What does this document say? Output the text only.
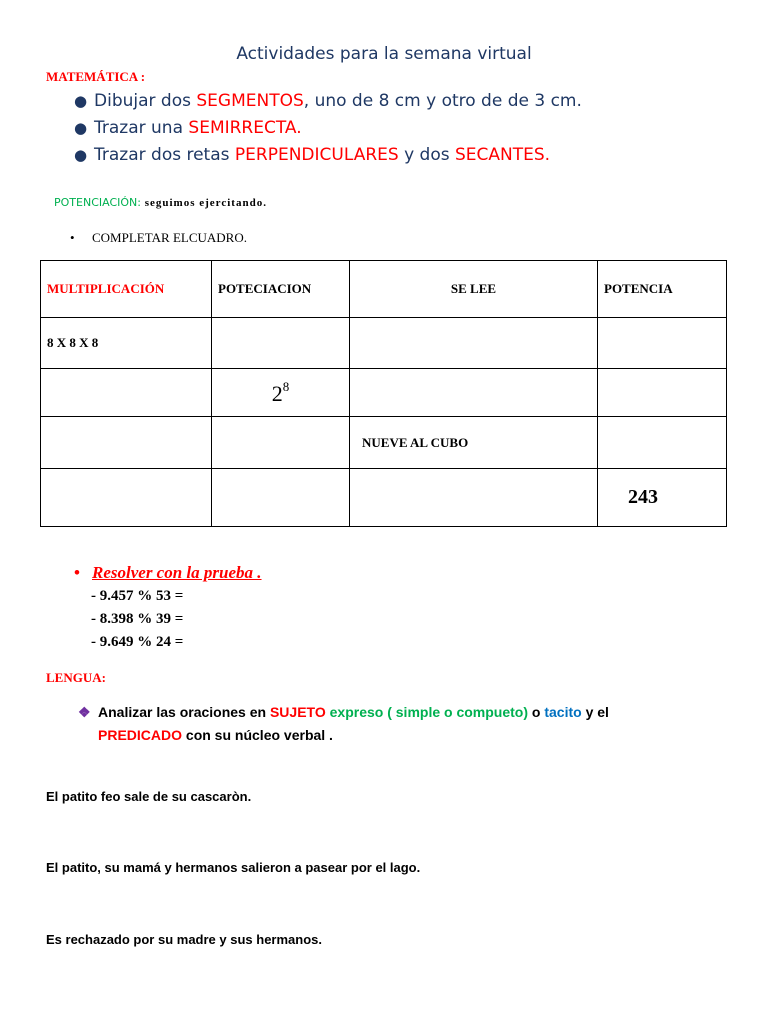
Actividades para la semana virtual
MATEMÁTICA :
● Dibujar dos SEGMENTOS, uno de 8 cm y otro de de 3 cm.
● Trazar una SEMIRRECTA.
● Trazar dos retas PERPENDICULARES y dos SECANTES.
POTENCIACIÓN: seguimos ejercitando.
• COMPLETAR ELCUADRO.
MULTIPLICACIÓN	POTECIACION	SE LEE	POTENCIA
8 X 8 X 8			
	$2^8$		
		NUEVE AL CUBO	
			243
• Resolver con la prueba .
- 9.457 % 53 =
- 8.398 % 39 =
- 9.649 % 24 =
LENGUA:
❖ Analizar las oraciones en SUJETO expreso ( simple o compueto) o tacito y el
PREDICADO con su núcleo verbal .
El patito feo sale de su cascaròn.
El patito, su mamá y hermanos salieron a pasear por el lago.
Es rechazado por su madre y sus hermanos.
